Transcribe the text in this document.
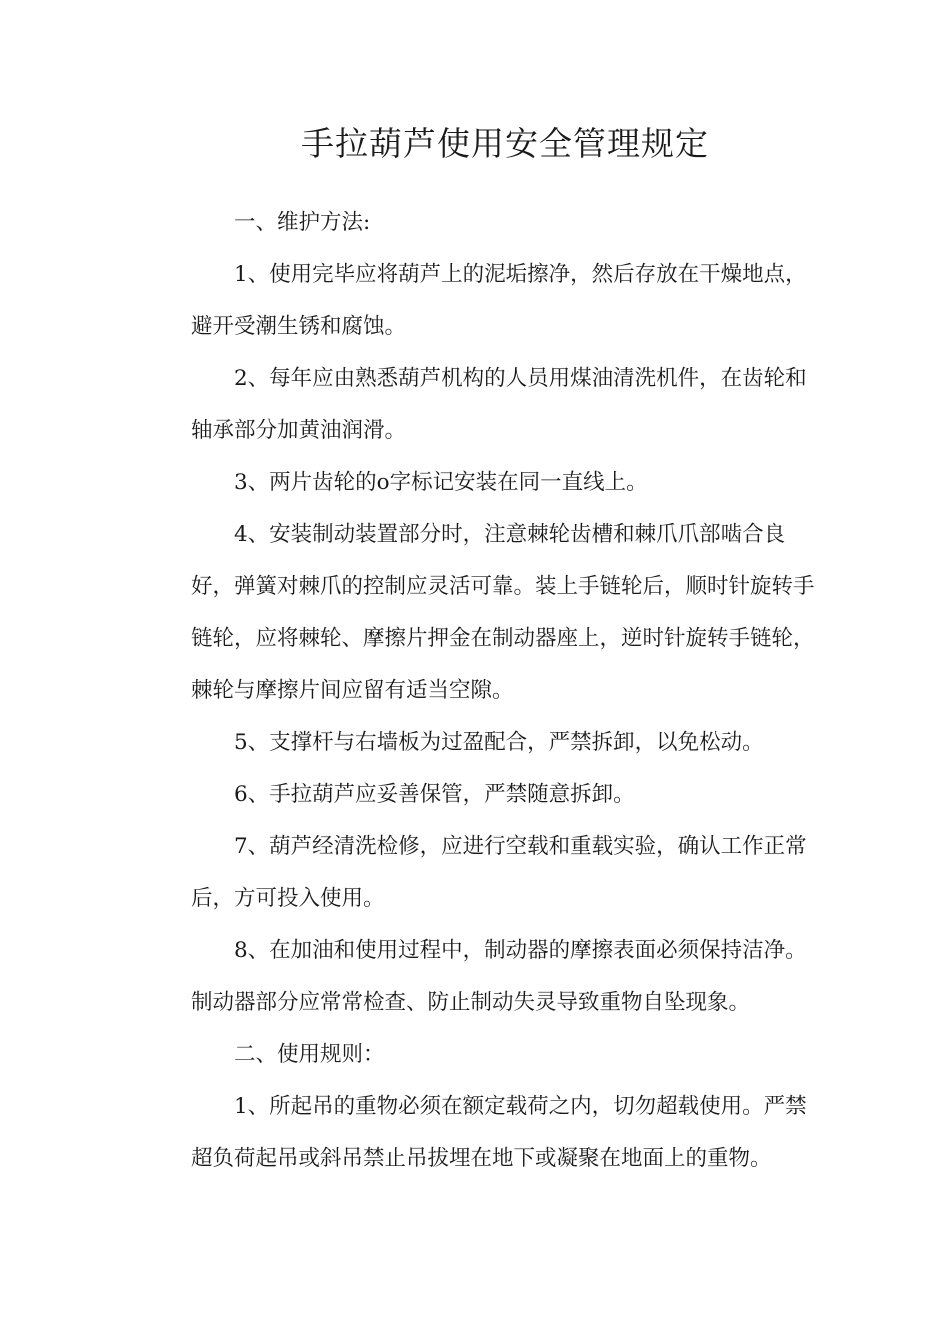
手拉葫芦使用安全管理规定
一、维护方法:
1、使用完毕应将葫芦上的泥垢擦净，然后存放在干燥地点，
避开受潮生锈和腐蚀。
2、每年应由熟悉葫芦机构的人员用煤油清洗机件，在齿轮和
轴承部分加黄油润滑。
3、两片齿轮的o字标记安装在同一直线上。
4、安装制动装置部分时，注意棘轮齿槽和棘爪爪部啮合良
好，弹簧对棘爪的控制应灵活可靠。装上手链轮后，顺时针旋转手
链轮，应将棘轮、摩擦片押金在制动器座上，逆时针旋转手链轮，
棘轮与摩擦片间应留有适当空隙。
5、支撑杆与右墙板为过盈配合，严禁拆卸，以免松动。
6、手拉葫芦应妥善保管，严禁随意拆卸。
7、葫芦经清洗检修，应进行空载和重载实验，确认工作正常
后，方可投入使用。
8、在加油和使用过程中，制动器的摩擦表面必须保持洁净。
制动器部分应常常检查、防止制动失灵导致重物自坠现象。
二、使用规则：
1、所起吊的重物必须在额定载荷之内，切勿超载使用。严禁
超负荷起吊或斜吊禁止吊拔埋在地下或凝聚在地面上的重物。
